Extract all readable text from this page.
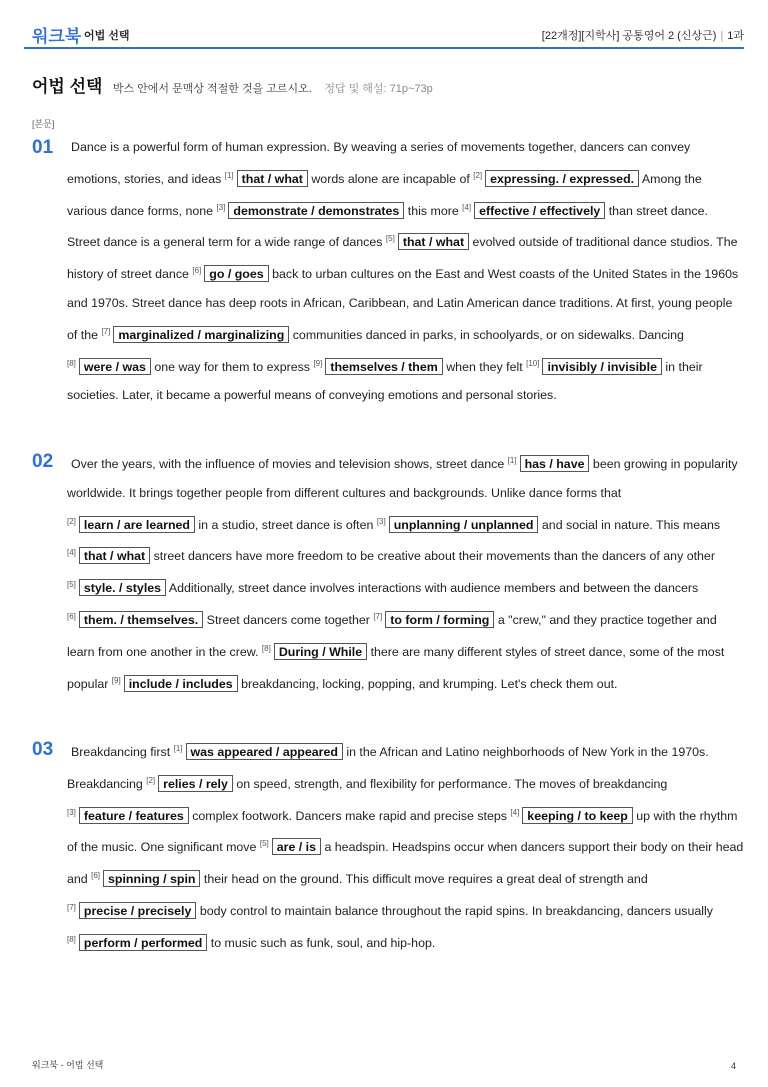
워크북 어법 선택	[22개정][지학사] 공통영어 2 (신상근) | 1과
어법 선택 박스 안에서 문맥상 적절한 것을 고르시오. 정답 및 해설: 71p~73p
[본문]
01	Dance is a powerful form of human expression. By weaving a series of movements together, dancers can convey emotions, stories, and ideas [1] that / what words alone are incapable of [2] expressing. / expressed. Among the various dance forms, none [3] demonstrate / demonstrates this more [4] effective / effectively than street dance. Street dance is a general term for a wide range of dances [5] that / what evolved outside of traditional dance studios. The history of street dance [6] go / goes back to urban cultures on the East and West coasts of the United States in the 1960s and 1970s. Street dance has deep roots in African, Caribbean, and Latin American dance traditions. At first, young people of the [7] marginalized / marginalizing communities danced in parks, in schoolyards, or on sidewalks. Dancing [8] were / was one way for them to express [9] themselves / them when they felt [10] invisibly / invisible in their societies. Later, it became a powerful means of conveying emotions and personal stories.
02	Over the years, with the influence of movies and television shows, street dance [1] has / have been growing in popularity worldwide. It brings together people from different cultures and backgrounds. Unlike dance forms that [2] learn / are learned in a studio, street dance is often [3] unplanning / unplanned and social in nature. This means [4] that / what street dancers have more freedom to be creative about their movements than the dancers of any other [5] style. / styles Additionally, street dance involves interactions with audience members and between the dancers [6] them. / themselves. Street dancers come together [7] to form / forming a "crew," and they practice together and learn from one another in the crew. [8] During / While there are many different styles of street dance, some of the most popular [9] include / includes breakdancing, locking, popping, and krumping. Let's check them out.
03	Breakdancing first [1] was appeared / appeared in the African and Latino neighborhoods of New York in the 1970s. Breakdancing [2] relies / rely on speed, strength, and flexibility for performance. The moves of breakdancing [3] feature / features complex footwork. Dancers make rapid and precise steps [4] keeping / to keep up with the rhythm of the music. One significant move [5] are / is a headspin. Headspins occur when dancers support their body on their head and [6] spinning / spin their head on the ground. This difficult move requires a great deal of strength and [7] precise / precisely body control to maintain balance throughout the rapid spins. In breakdancing, dancers usually [8] perform / performed to music such as funk, soul, and hip-hop.
워크북 - 어법 선택	4
